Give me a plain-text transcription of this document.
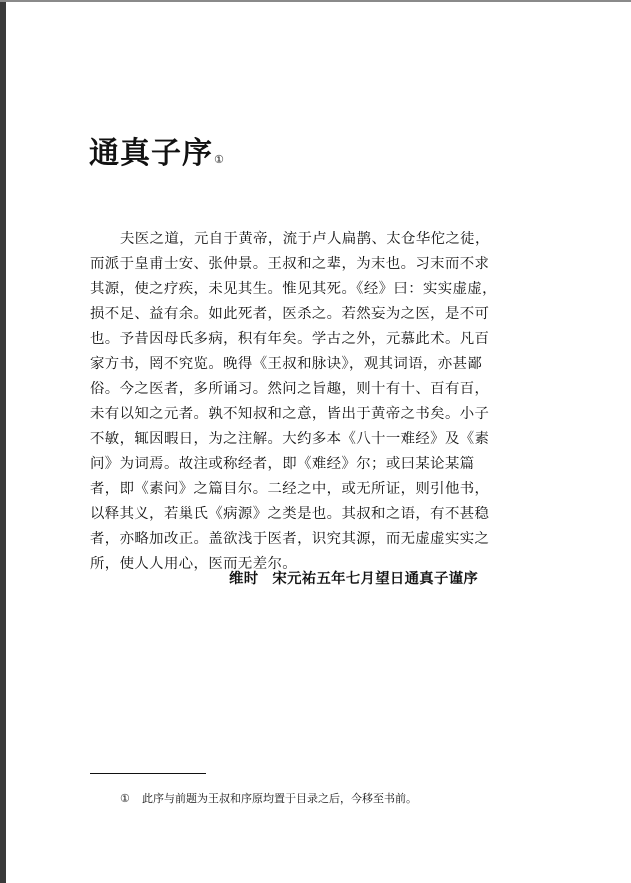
通真子序①
夫医之道，元自于黄帝，流于卢人扁鹊、太仓华佗之徒，
而派于皇甫士安、张仲景。王叔和之辈，为末也。习末而不求
其源，使之疗疾，未见其生。惟见其死。《经》曰：实实虚虚，
损不足、益有余。如此死者，医杀之。若然妄为之医，是不可
也。予昔因母氏多病，积有年矣。学古之外，元慕此术。凡百
家方书，罔不究览。晚得《王叔和脉诀》，观其词语，亦甚鄙
俗。今之医者，多所诵习。然问之旨趣，则十有十、百有百，
未有以知之元者。孰不知叔和之意，皆出于黄帝之书矣。小子
不敏，辄因暇日，为之注解。大约多本《八十一难经》及《素
问》为词焉。故注或称经者，即《难经》尔；或曰某论某篇
者，即《素问》之篇目尔。二经之中，或无所证，则引他书，
以释其义，若巢氏《病源》之类是也。其叔和之语，有不甚稳
者，亦略加改正。盖欲浅于医者，识究其源，而无虚虚实实之
所，使人人用心，医而无差尔。
维时 宋元祐五年七月望日通真子谨序
① 此序与前题为王叔和序原均置于目录之后，今移至书前。
